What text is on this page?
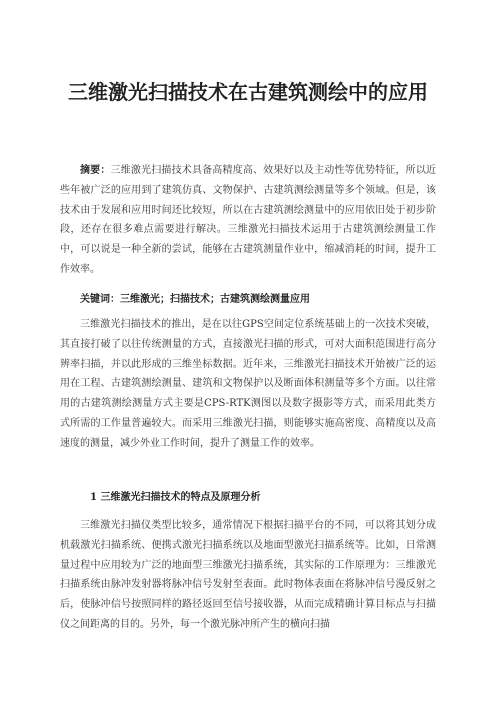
三维激光扫描技术在古建筑测绘中的应用

摘要：三维激光扫描技术具备高精度高、效果好以及主动性等优势特征，所以近些年被广泛的应用到了建筑仿真、文物保护、古建筑测绘测量等多个领域。但是，该技术由于发展和应用时间还比较短，所以在古建筑测绘测量中的应用依旧处于初步阶段，还存在很多难点需要进行解决。三维激光扫描技术运用于古建筑测绘测量工作中，可以说是一种全新的尝试，能够在古建筑测量作业中，缩减消耗的时间，提升工作效率。

关键词：三维激光；扫描技术；古建筑测绘测量应用

三维激光扫描技术的推出，是在以往GPS空间定位系统基础上的一次技术突破，其直接打破了以往传统测量的方式，直接激光扫描的形式，可对大面积范围进行高分辨率扫描，并以此形成的三维坐标数据。近年来，三维激光扫描技术开始被广泛的运用在工程、古建筑测绘测量、建筑和文物保护以及断面体积测量等多个方面。以往常用的古建筑测绘测量方式主要是CPS-RTK测图以及数字摄影等方式，而采用此类方式所需的工作量普遍较大。而采用三维激光扫描，则能够实施高密度、高精度以及高速度的测量，减少外业工作时间，提升了测量工作的效率。

1 三维激光扫描技术的特点及原理分析

三维激光扫描仪类型比较多，通常情况下根据扫描平台的不同，可以将其划分成机载激光扫描系统、便携式激光扫描系统以及地面型激光扫描系统等。比如，日常测量过程中应用较为广泛的地面型三维激光扫描系统，其实际的工作原理为：三维激光扫描系统由脉冲发射器将脉冲信号发射至表面。此时物体表面在将脉冲信号漫反射之后，使脉冲信号按照同样的路径返回至信号接收器，从而完成精确计算目标点与扫描仪之间距离的目的。另外，每一个激光脉冲所产生的横向扫描
